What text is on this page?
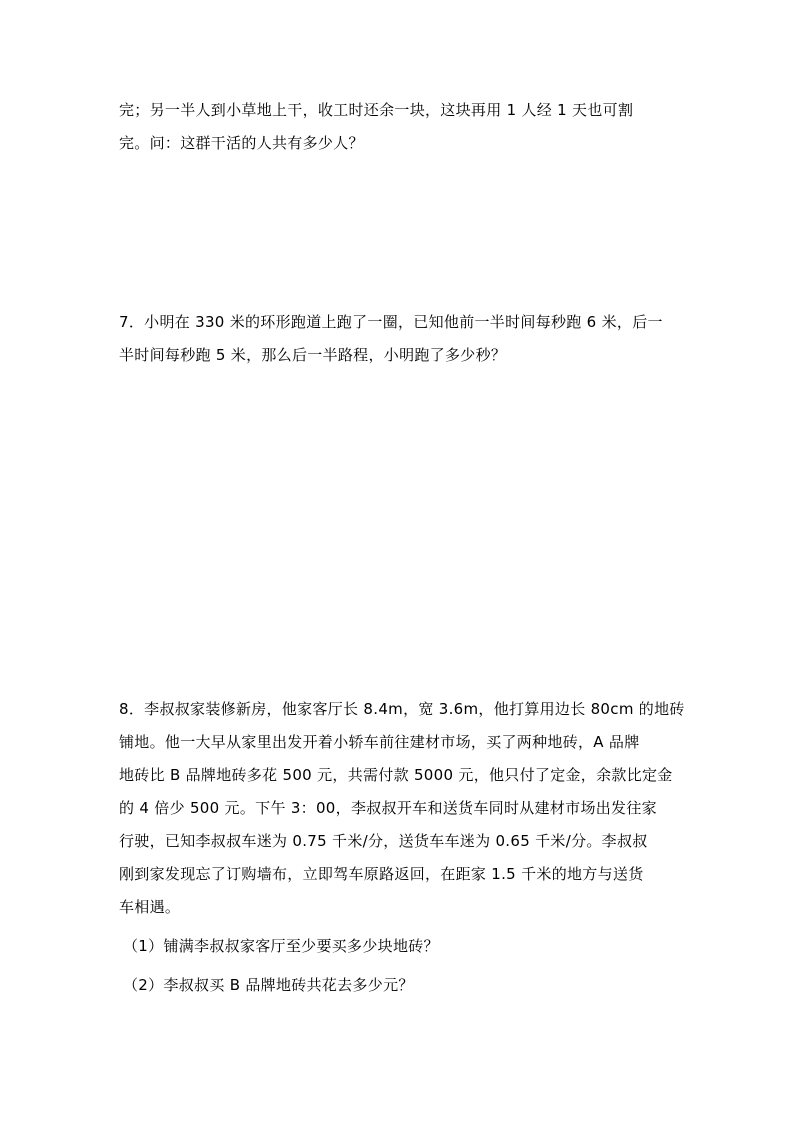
完；另一半人到小草地上干，收工时还余一块，这块再用 1 人经 1 天也可割
完。问：这群干活的人共有多少人？
7．小明在 330 米的环形跑道上跑了一圈，已知他前一半时间每秒跑 6 米，后一
半时间每秒跑 5 米，那么后一半路程，小明跑了多少秒？
8．李叔叔家装修新房，他家客厅长 8.4m，宽 3.6m，他打算用边长 80cm 的地砖
铺地。他一大早从家里出发开着小轿车前往建材市场，买了两种地砖，A 品牌
地砖比 B 品牌地砖多花 500 元，共需付款 5000 元，他只付了定金，余款比定金
的 4 倍少 500 元。下午 3：00，李叔叔开车和送货车同时从建材市场出发往家
行驶，已知李叔叔车迷为 0.75 千米/分，送货车车迷为 0.65 千米/分。李叔叔
刚到家发现忘了订购墙布，立即驾车原路返回，在距家 1.5 千米的地方与送货
车相遇。
（1）铺满李叔叔家客厅至少要买多少块地砖？
（2）李叔叔买 B 品牌地砖共花去多少元？
